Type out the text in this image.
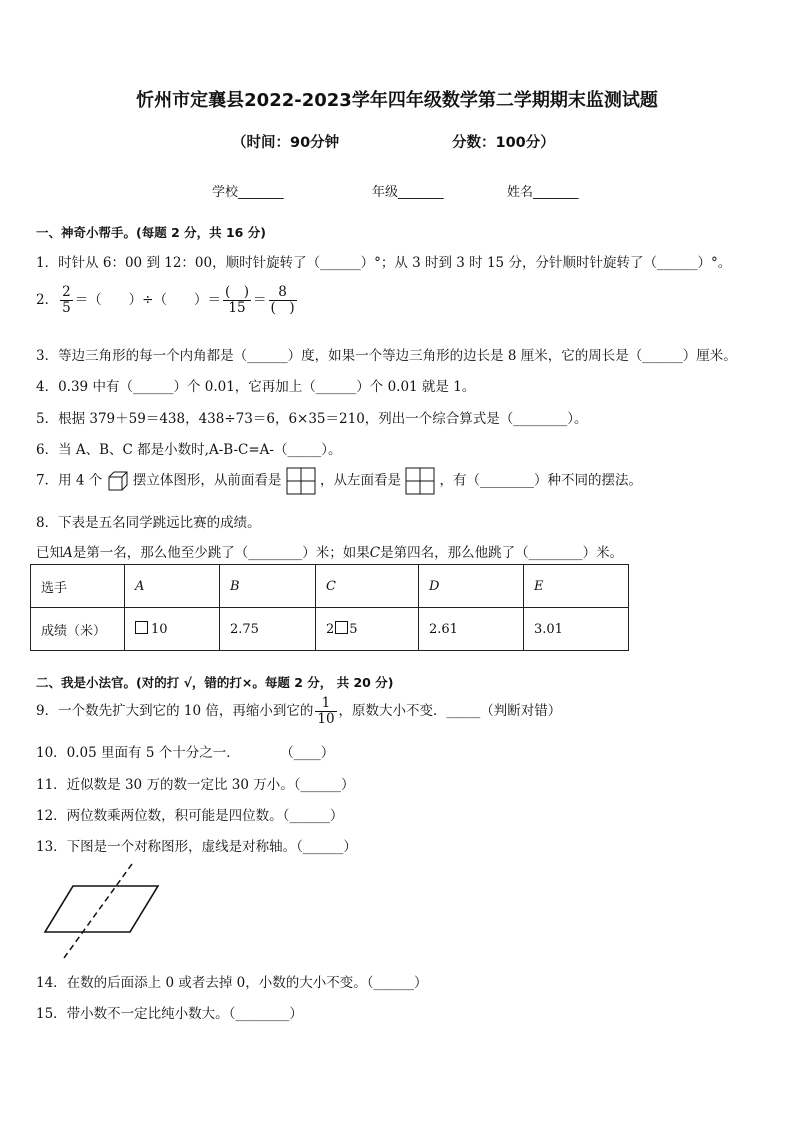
忻州市定襄县2022-2023学年四年级数学第二学期期末监测试题
（时间：90分钟	分数：100分）
学校_______	年级_______	姓名_______
一、神奇小帮手。(每题 2 分，共 16 分)
1．时针从 6：00 到 12：00，顺时针旋转了（______）°；从 3 时到 3 时 15 分，分针顺时针旋转了（______）°。
2． $\frac{2}{5}$ ＝（　　）÷（　　）＝ $\frac{( )}{15} = \frac{8}{( )}$
3．等边三角形的每一个内角都是（______）度，如果一个等边三角形的边长是 8 厘米，它的周长是（______）厘米。
4．0.39 中有（______）个 0.01，它再加上（______）个 0.01 就是 1。
5．根据 379＋59＝438，438÷73＝6，6×35＝210，列出一个综合算式是（________）。
6．当 A、B、C 都是小数时,A-B-C=A-（_____）。
7．用 4 个 摆立体图形，从前面看是	，从左面看是	，有（________）种不同的摆法。
8．下表是五名同学跳远比赛的成绩。
已知A是第一名，那么他至少跳了（________）米；如果C是第四名，那么他跳了（________）米。
选手	A	B	C	D	E
成绩（米）	10	2.75	2 5	2.61	3.01
二、我是小法官。(对的打 √，错的打×。每题 2 分， 共 20 分)
9．一个数先扩大到它的 10 倍，再缩小到它的 $\frac{1}{10}$ ，原数大小不变．_____（判断对错）
10．0.05 里面有 5 个十分之一．　　　　（____）
11．近似数是 30 万的数一定比 30 万小。（______）
12．两位数乘两位数，积可能是四位数。（______）
13．下图是一个对称图形，虚线是对称轴。（______）
14．在数的后面添上 0 或者去掉 0，小数的大小不变。（______）
15．带小数不一定比纯小数大。（________）
